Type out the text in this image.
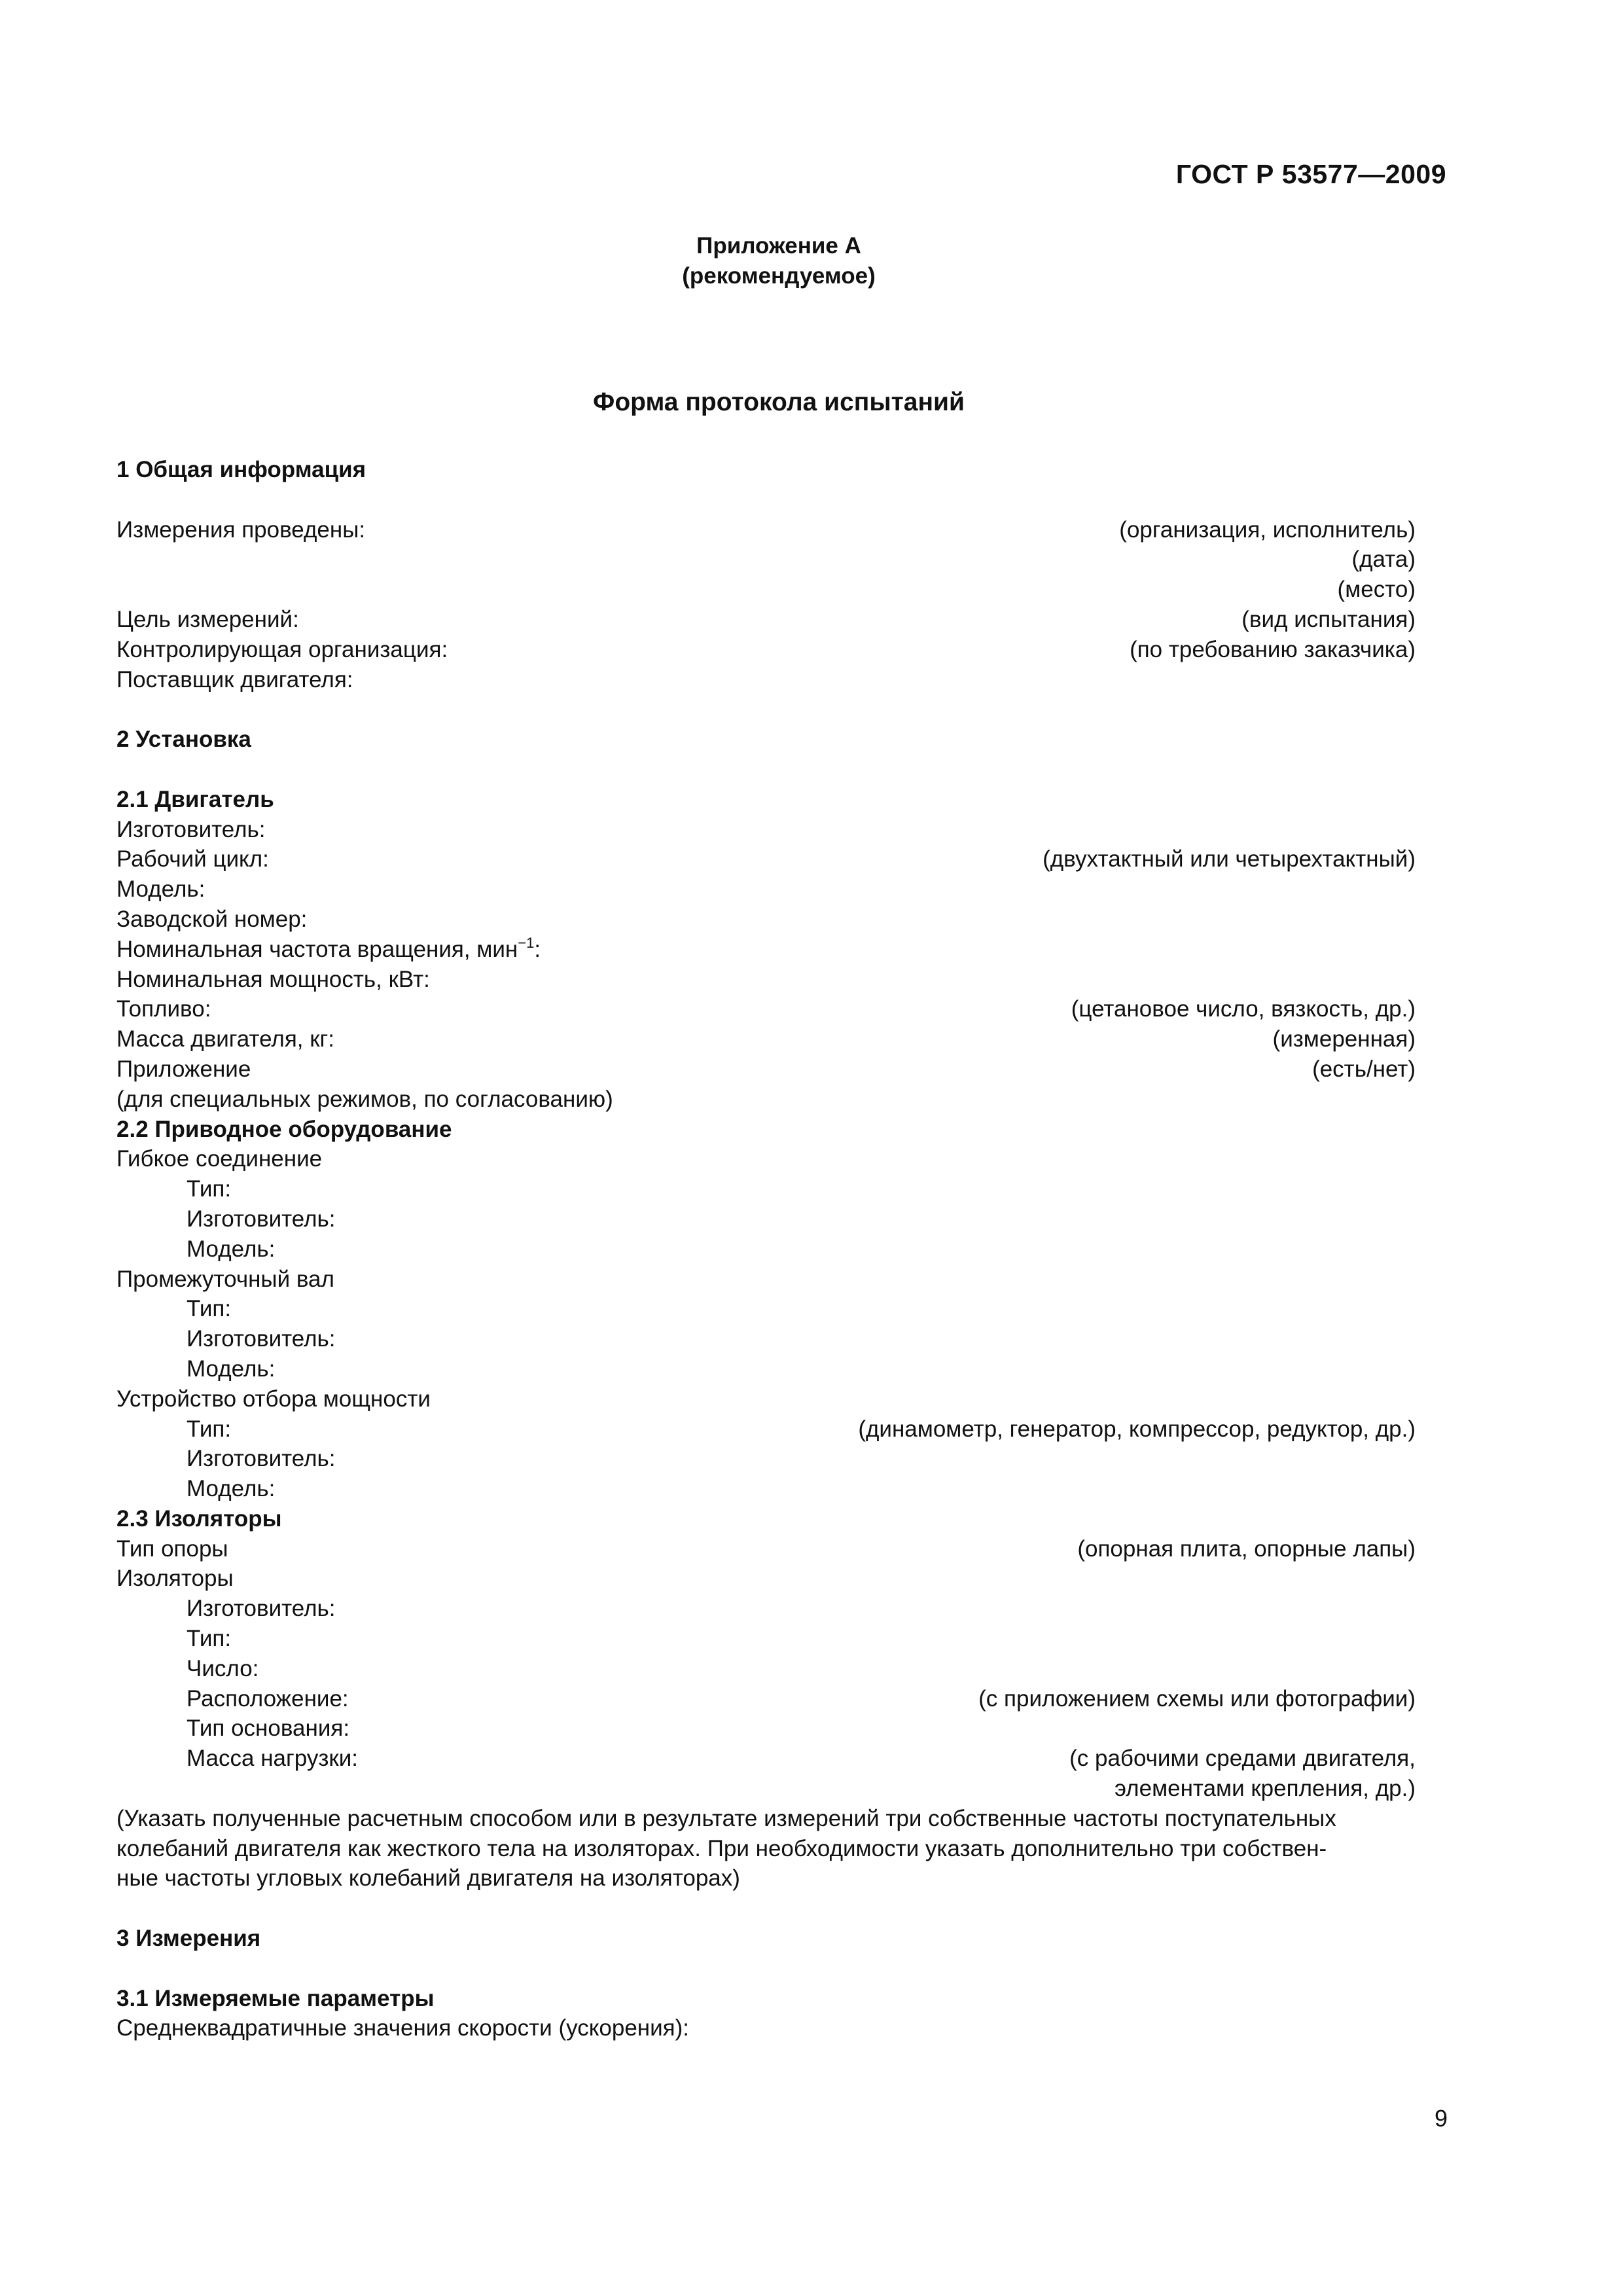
ГОСТ Р 53577—2009
Приложение А
(рекомендуемое)
Форма протокола испытаний
1 Общая информация
Измерения проведены:	(организация, исполнитель)
(дата)
(место)
Цель измерений:	(вид испытания)
Контролирующая организация:	(по требованию заказчика)
Поставщик двигателя:
2 Установка
2.1 Двигатель
Изготовитель:
Рабочий цикл:	(двухтактный или четырехтактный)
Модель:
Заводской номер:
Номинальная частота вращения, мин$^{-1}$:
Номинальная мощность, кВт:
Топливо:	(цетановое число, вязкость, др.)
Масса двигателя, кг:	(измеренная)
Приложение	(есть/нет)
(для специальных режимов, по согласованию)
2.2 Приводное оборудование
Гибкое соединение
Тип:
Изготовитель:
Модель:
Промежуточный вал
Тип:
Изготовитель:
Модель:
Устройство отбора мощности
Тип:	(динамометр, генератор, компрессор, редуктор, др.)
Изготовитель:
Модель:
2.3 Изоляторы
Тип опоры	(опорная плита, опорные лапы)
Изоляторы
Изготовитель:
Тип:
Число:
Расположение:	(с приложением схемы или фотографии)
Тип основания:
Масса нагрузки:	(с рабочими средами двигателя,
элементами крепления, др.)
(Указать полученные расчетным способом или в результате измерений три собственные частоты поступательных
колебаний двигателя как жесткого тела на изоляторах. При необходимости указать дополнительно три собствен-
ные частоты угловых колебаний двигателя на изоляторах)
3 Измерения
3.1 Измеряемые параметры
Среднеквадратичные значения скорости (ускорения):
9
